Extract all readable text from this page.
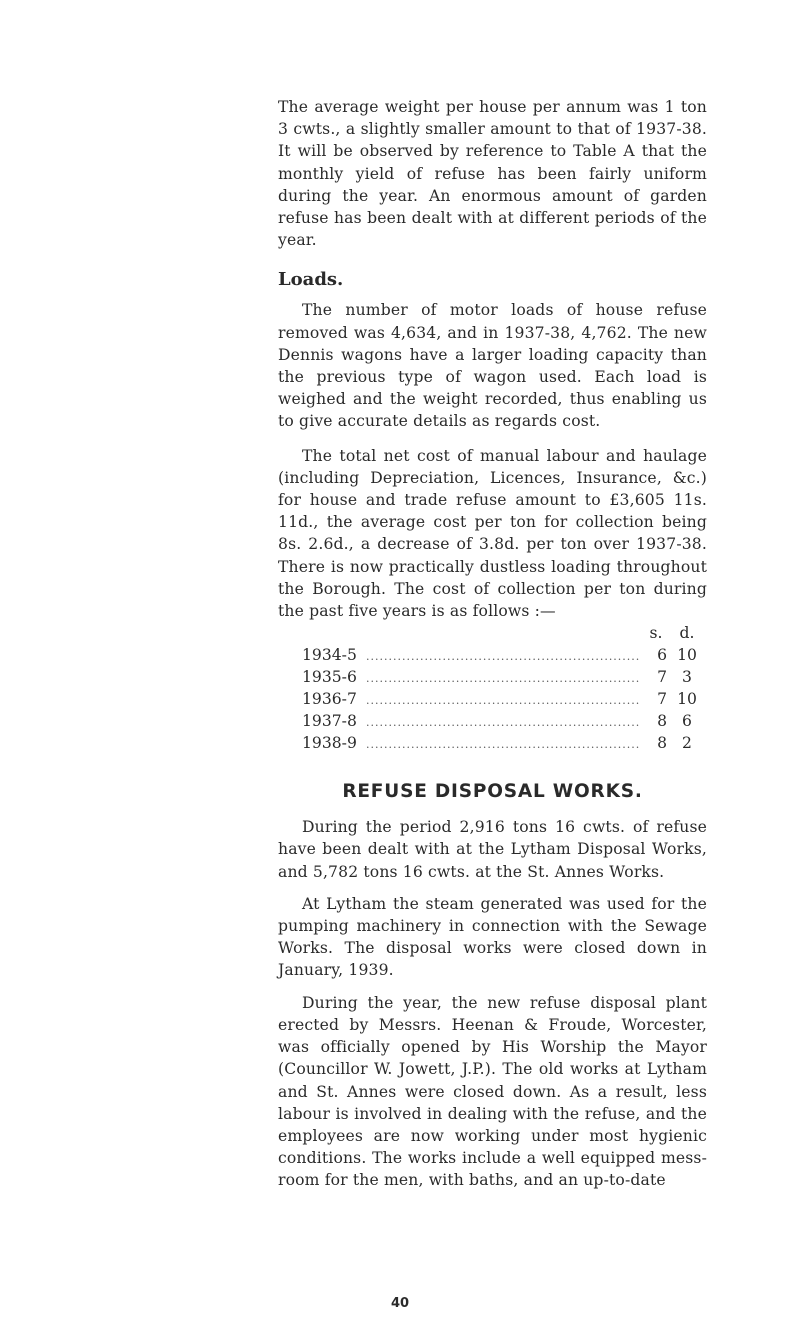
The average weight per house per annum was 1 ton 3 cwts., a slightly smaller amount to that of 1937-38. It will be observed by reference to Table A that the monthly yield of refuse has been fairly uniform during the year. An enormous amount of garden refuse has been dealt with at different periods of the year.

Loads.

The number of motor loads of house refuse removed was 4,634, and in 1937-38, 4,762. The new Dennis wagons have a larger loading capacity than the previous type of wagon used. Each load is weighed and the weight recorded, thus enabling us to give accurate details as regards cost.

The total net cost of manual labour and haulage (including Depreciation, Licences, Insurance, &c.) for house and trade refuse amount to £3,605 11s. 11d., the average cost per ton for collection being 8s. 2.6d., a decrease of 3.8d. per ton over 1937-38. There is now practically dustless loading throughout the Borough. The cost of collection per ton during the past five years is as follows :—

s.	d.
1934-5 .....	6 10
1935-6 .....	7 3
1936-7 .....	7 10
1937-8 .....	8 6
1938-9 .....	8 2
REFUSE DISPOSAL WORKS.

During the period 2,916 tons 16 cwts. of refuse have been dealt with at the Lytham Disposal Works, and 5,782 tons 16 cwts. at the St. Annes Works.

At Lytham the steam generated was used for the pumping machinery in connection with the Sewage Works. The disposal works were closed down in January, 1939.

During the year, the new refuse disposal plant erected by Messrs. Heenan & Froude, Worcester, was officially opened by His Worship the Mayor (Councillor W. Jowett, J.P.). The old works at Lytham and St. Annes were closed down. As a result, less labour is involved in dealing with the refuse, and the employees are now working under most hygienic conditions. The works include a well equipped mess-room for the men, with baths, and an up-to-date

40
